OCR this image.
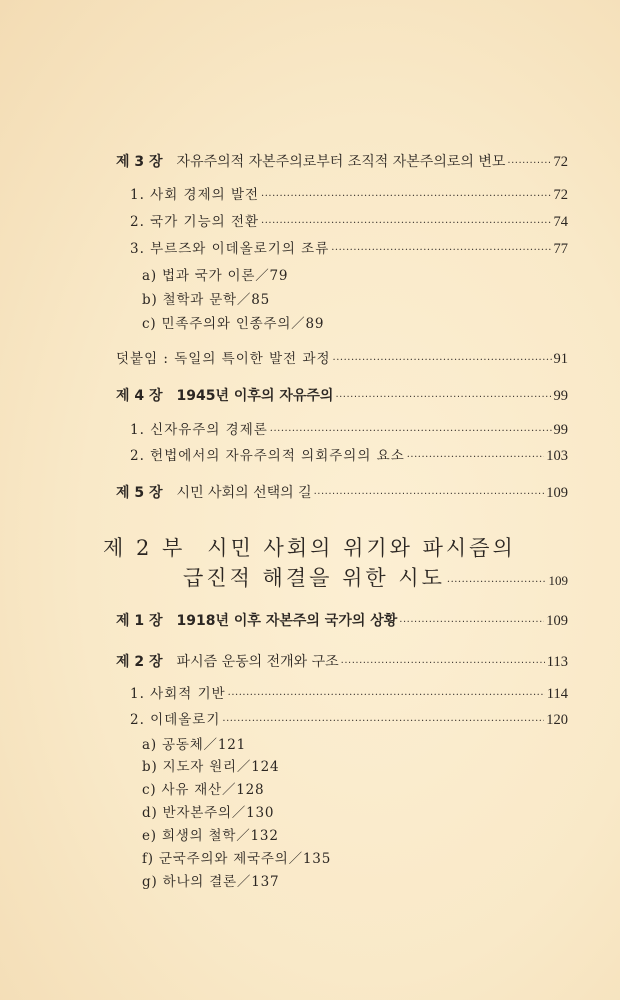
제 3 장 자유주의적 자본주의로부터 조직적 자본주의로의 변모 ·····	72
1. 사회 경제의 발전 ·····	72
2. 국가 기능의 전환 ·····	74
3. 부르즈와 이데올로기의 조류 ·····	77
a) 법과 국가 이론／79
b) 철학과 문학／85
c) 민족주의와 인종주의／89
덧붙임 : 독일의 특이한 발전 과정 ·····	91
제 4 장 1945년 이후의 자유주의 ·····	99
1. 신자유주의 경제론 ·····	99
2. 헌법에서의 자유주의적 의회주의의 요소 ·····	103
제 5 장 시민 사회의 선택의 길 ·····	109
제 2 부 시민 사회의 위기와 파시즘의
급진적 해결을 위한 시도 ·····	109
제 1 장 1918년 이후 자본주의 국가의 상황 ·····	109
제 2 장 파시즘 운동의 전개와 구조 ·····	113
1. 사회적 기반 ·····	114
2. 이데올로기 ·····	120
a) 공동체／121
b) 지도자 원리／124
c) 사유 재산／128
d) 반자본주의／130
e) 희생의 철학／132
f) 군국주의와 제국주의／135
g) 하나의 결론／137
